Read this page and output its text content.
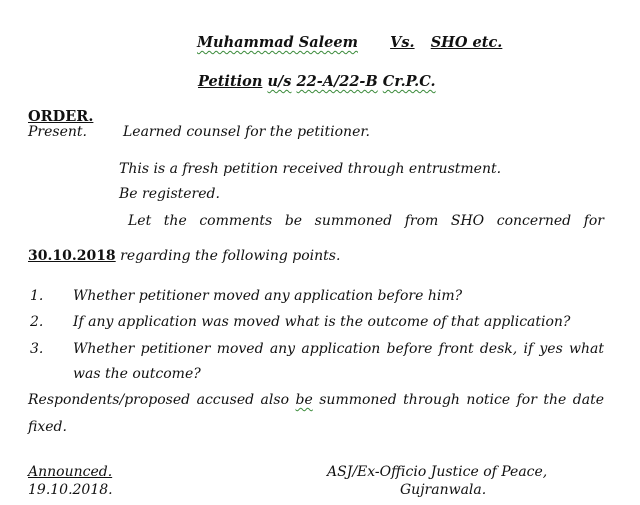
Muhammad Saleem Vs. SHO etc.
Petition u/s 22-A/22-B Cr.P.C.
ORDER.
Present.	Learned counsel for the petitioner.
This is a fresh petition received through entrustment.
Be registered.
Let the comments be summoned from SHO concerned for
30.10.2018 regarding the following points.
1. Whether petitioner moved any application before him?
2. If any application was moved what is the outcome of that application?
3. Whether petitioner moved any application before front desk, if yes what
was the outcome?
Respondents/proposed accused also be summoned through notice for the date
fixed.
Announced.
19.10.2018.
ASJ/Ex-Officio Justice of Peace,
Gujranwala.
